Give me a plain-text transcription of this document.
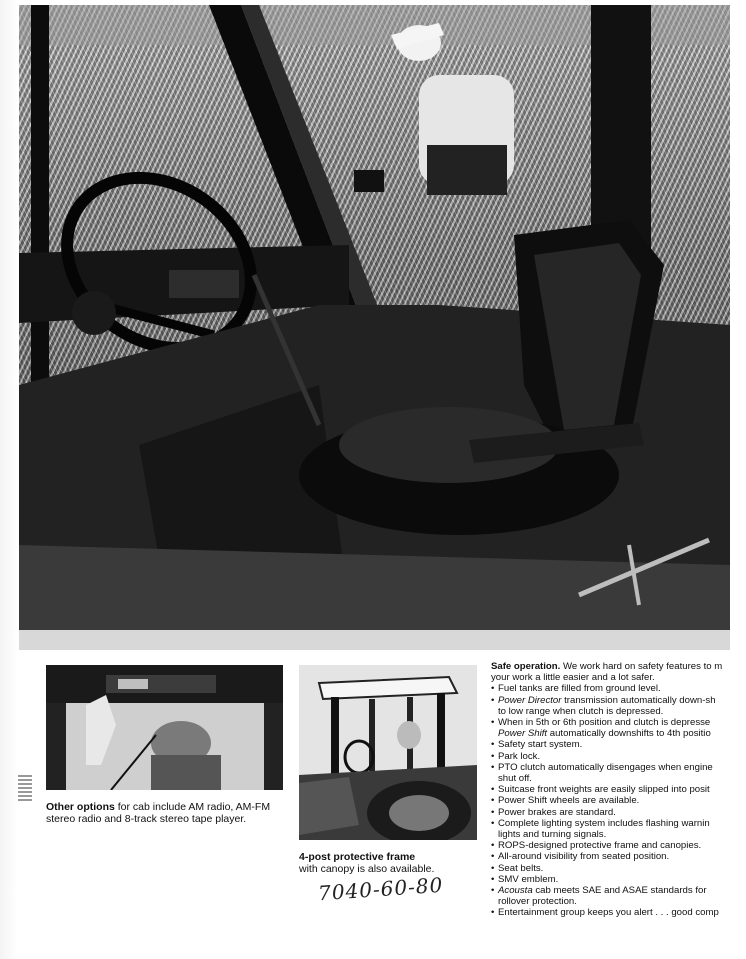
Other options for cab include AM radio, AM-FM stereo radio and 8-track stereo tape player.
4-post protective frame
with canopy is also available.
7040-60-80
Safe operation. We work hard on safety features to m
your work a little easier and a lot safer.
• Fuel tanks are filled from ground level.
• Power Director transmission automatically down-sh
to low range when clutch is depressed.
• When in 5th or 6th position and clutch is depresse
Power Shift automatically downshifts to 4th positio
• Safety start system.
• Park lock.
• PTO clutch automatically disengages when engine
shut off.
• Suitcase front weights are easily slipped into posit
• Power Shift wheels are available.
• Power brakes are standard.
• Complete lighting system includes flashing warnin
lights and turning signals.
• ROPS-designed protective frame and canopies.
• All-around visibility from seated position.
• Seat belts.
• SMV emblem.
• Acousta cab meets SAE and ASAE standards for
rollover protection.
• Entertainment group keeps you alert . . . good comp
